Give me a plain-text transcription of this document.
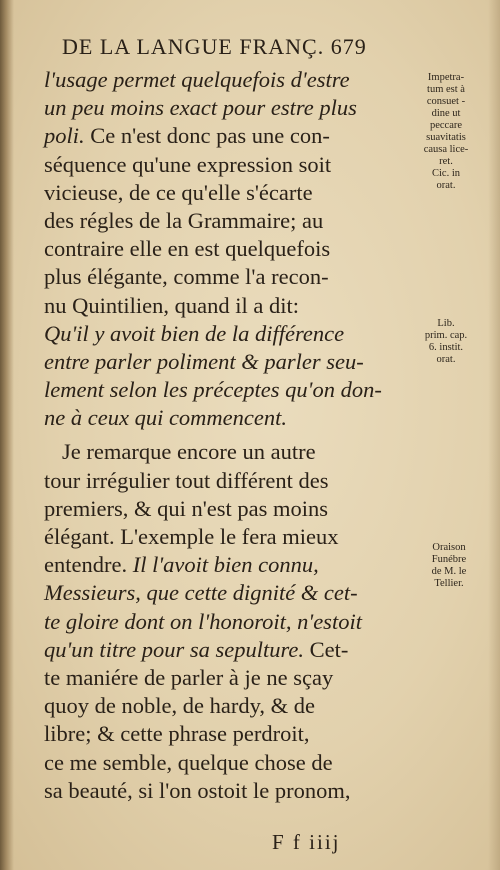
DE LA LANGUE FRANÇ. 679
l'usage permet quelquefois d'estre
un peu moins exact pour estre plus
poli. Ce n'est donc pas une con-
séquence qu'une expression soit
vicieuse, de ce qu'elle s'écarte
des régles de la Grammaire; au
contraire elle en est quelquefois
plus élégante, comme l'a recon-
nu Quintilien, quand il a dit:
Qu'il y avoit bien de la différence
entre parler poliment & parler seu-
lement selon les préceptes qu'on don-
ne à ceux qui commencent.
Je remarque encore un autre
tour irrégulier tout différent des
premiers, & qui n'est pas moins
élégant. L'exemple le fera mieux
entendre. Il l'avoit bien connu,
Messieurs, que cette dignité & cet-
te gloire dont on l'honoroit, n'estoit
qu'un titre pour sa sepulture. Cet-
te maniére de parler à je ne sçay
quoy de noble, de hardy, & de
libre; & cette phrase perdroit,
ce me semble, quelque chose de
sa beauté, si l'on ostoit le pronom,
Impetra-
tum est à
consuet -
dine ut
peccare
suavitatis
causa lice-
ret.
Cic. in
orat.
Lib.
prim. cap.
6. instit.
orat.
Oraison
Funébre
de M. le
Tellier.
F f iiij
